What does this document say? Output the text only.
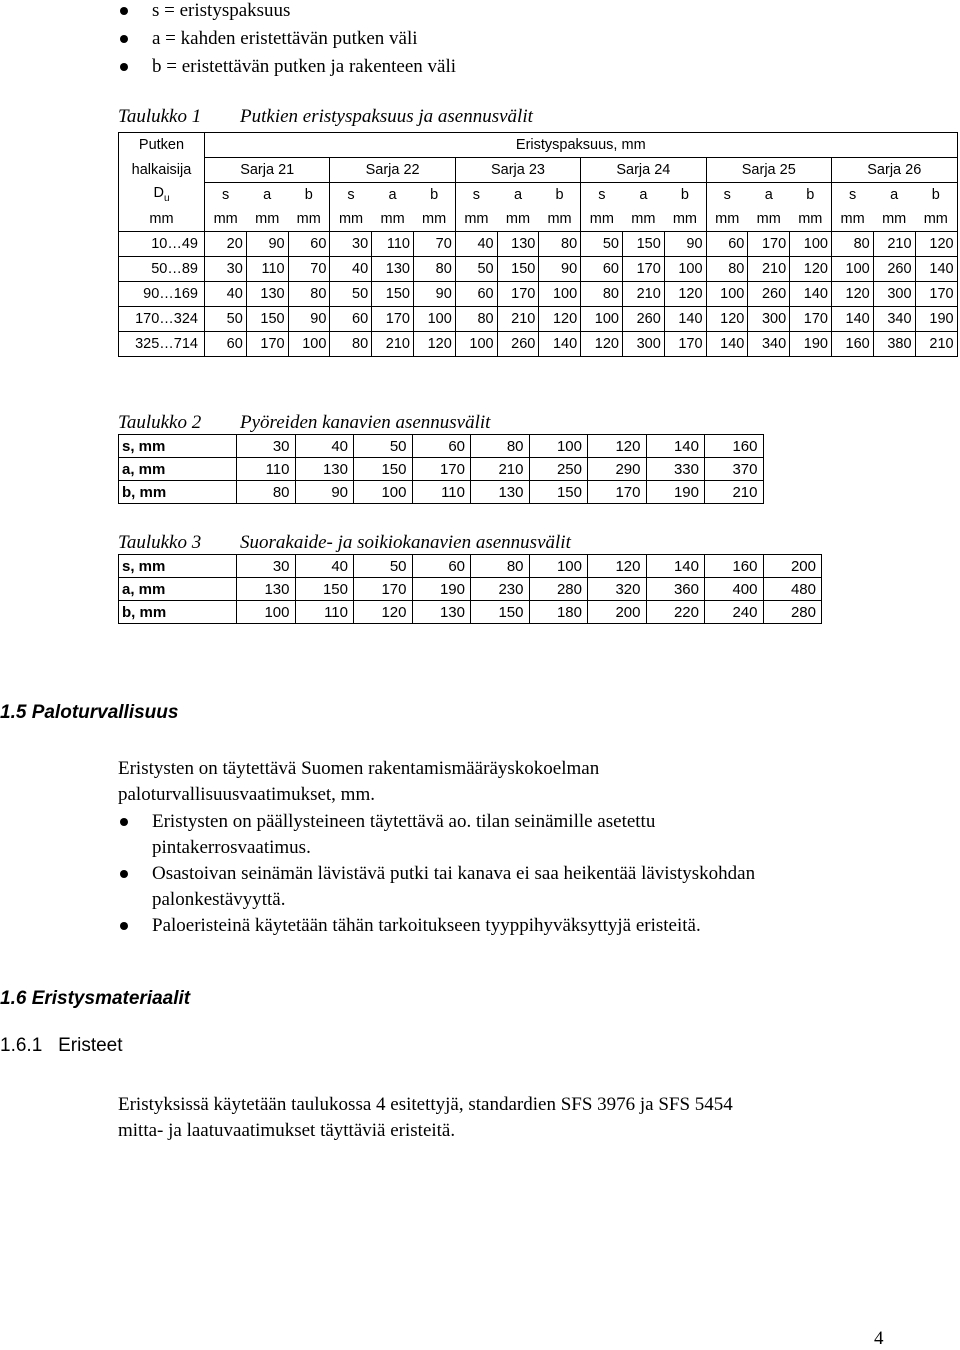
s = eristyspaksuus
a = kahden eristettävän putken väli
b = eristettävän putken ja rakenteen väli
Taulukko 1 Putkien eristyspaksuus ja asennusvälit
Putken	Eristyspaksuus, mm																	
halkaisija	Sarja 21			Sarja 22			Sarja 23			Sarja 24			Sarja 25			Sarja 26		
$D_u$	s	a	b	s	a	b	s	a	b	s	a	b	s	a	b	s	a	b
mm	mm	mm	mm	mm	mm	mm	mm	mm	mm	mm	mm	mm	mm	mm	mm	mm	mm	mm
10…49	20	90	60	30	110	70	40	130	80	50	150	90	60	170	100	80	210	120
50…89	30	110	70	40	130	80	50	150	90	60	170	100	80	210	120	100	260	140
90…169	40	130	80	50	150	90	60	170	100	80	210	120	100	260	140	120	300	170
170…324	50	150	90	60	170	100	80	210	120	100	260	140	120	300	170	140	340	190
325…714	60	170	100	80	210	120	100	260	140	120	300	170	140	340	190	160	380	210
Taulukko 2 Pyöreiden kanavien asennusvälit
s, mm	30	40	50	60	80	100	120	140	160
a, mm	110	130	150	170	210	250	290	330	370
b, mm	80	90	100	110	130	150	170	190	210
Taulukko 3 Suorakaide- ja soikiokanavien asennusvälit
s, mm	30	40	50	60	80	100	120	140	160	200
a, mm	130	150	170	190	230	280	320	360	400	480
b, mm	100	110	120	130	150	180	200	220	240	280
1.5 Paloturvallisuus
Eristysten on täytettävä Suomen rakentamismääräyskokoelman
paloturvallisuusvaatimukset, mm.
Eristysten on päällysteineen täytettävä ao. tilan seinämille asetettu
pintakerrosvaatimus.
Osastoivan seinämän lävistävä putki tai kanava ei saa heikentää lävistyskohdan
palonkestävyyttä.
Paloeristeinä käytetään tähän tarkoitukseen tyyppihyväksyttyjä eristeitä.
1.6 Eristysmateriaalit
1.6.1   Eristeet
Eristyksissä käytetään taulukossa 4 esitettyjä, standardien SFS 3976 ja SFS 5454
mitta- ja laatuvaatimukset täyttäviä eristeitä.
4
